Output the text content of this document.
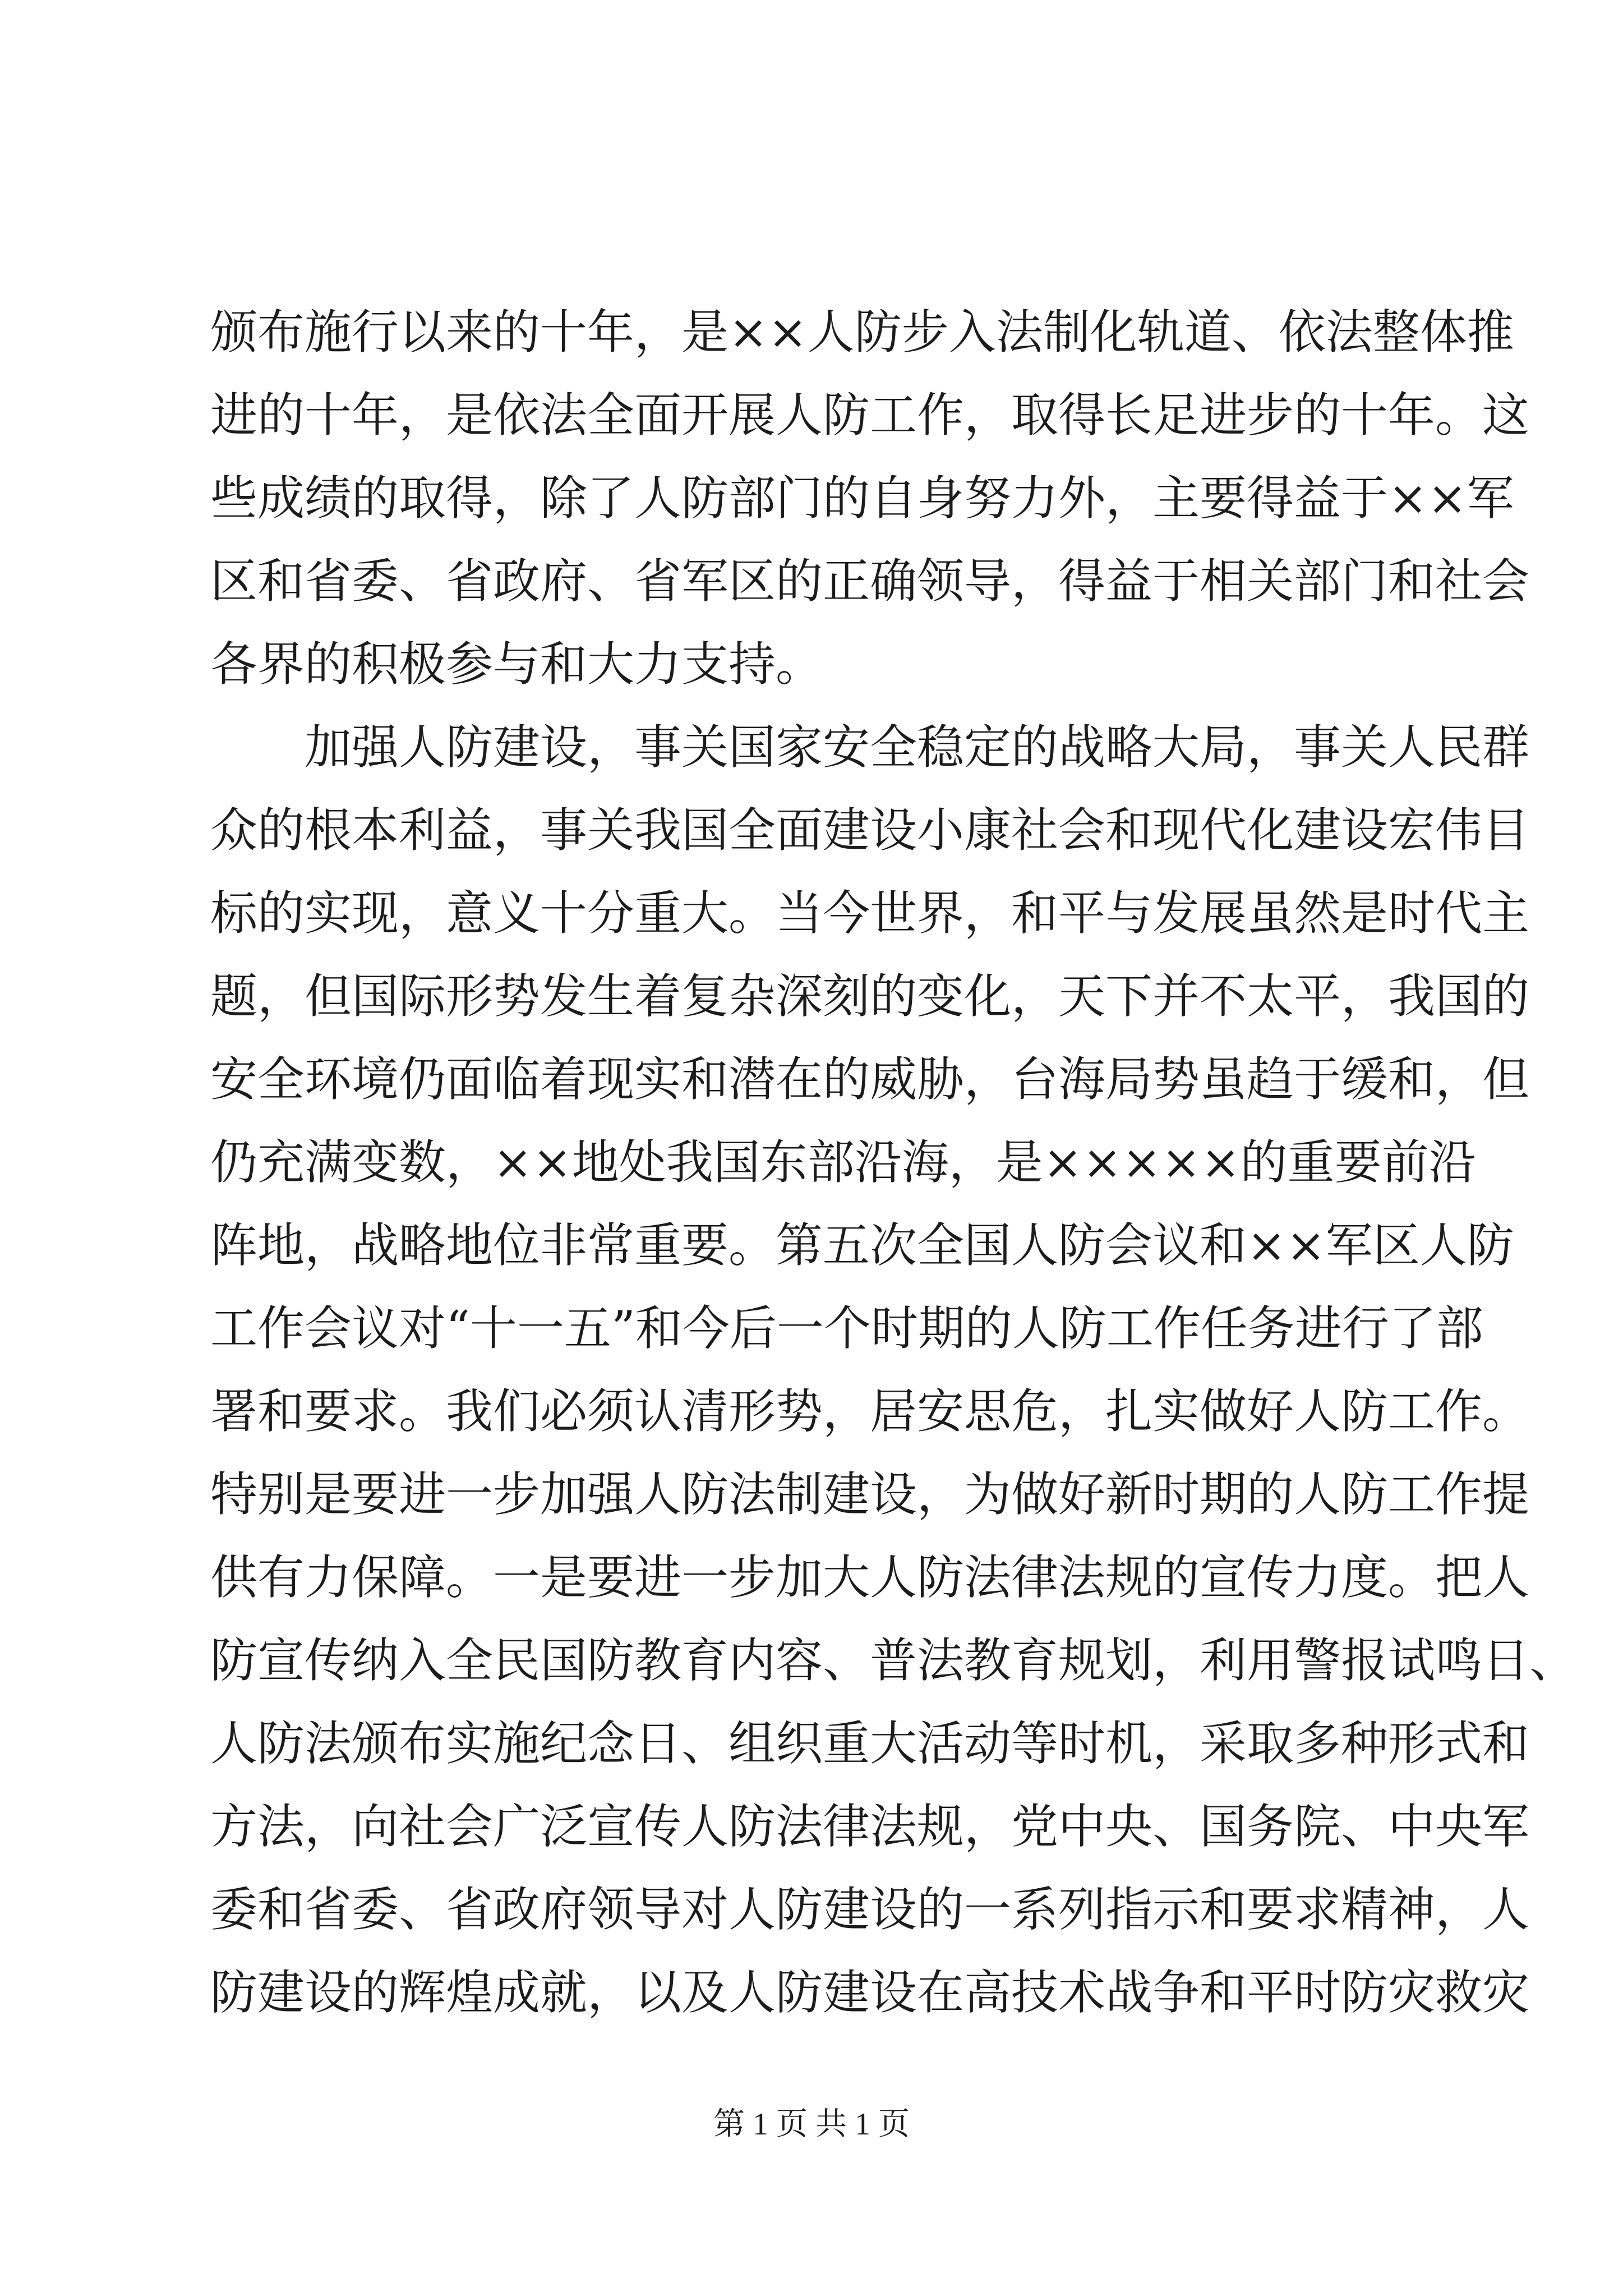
颁布施行以来的十年，是××人防步入法制化轨道、依法整体推
进的十年，是依法全面开展人防工作，取得长足进步的十年。这
些成绩的取得，除了人防部门的自身努力外，主要得益于××军
区和省委、省政府、省军区的正确领导，得益于相关部门和社会
各界的积极参与和大力支持。
加强人防建设，事关国家安全稳定的战略大局，事关人民群
众的根本利益，事关我国全面建设小康社会和现代化建设宏伟目
标的实现，意义十分重大。当今世界，和平与发展虽然是时代主
题，但国际形势发生着复杂深刻的变化，天下并不太平，我国的
安全环境仍面临着现实和潜在的威胁，台海局势虽趋于缓和，但
仍充满变数，××地处我国东部沿海，是×××××的重要前沿
阵地，战略地位非常重要。第五次全国人防会议和××军区人防
工作会议对“十一五”和今后一个时期的人防工作任务进行了部
署和要求。我们必须认清形势，居安思危，扎实做好人防工作。
特别是要进一步加强人防法制建设，为做好新时期的人防工作提
供有力保障。一是要进一步加大人防法律法规的宣传力度。把人
防宣传纳入全民国防教育内容、普法教育规划，利用警报试鸣日、
人防法颁布实施纪念日、组织重大活动等时机，采取多种形式和
方法，向社会广泛宣传人防法律法规，党中央、国务院、中央军
委和省委、省政府领导对人防建设的一系列指示和要求精神，人
防建设的辉煌成就，以及人防建设在高技术战争和平时防灾救灾
第 1 页 共 1 页
